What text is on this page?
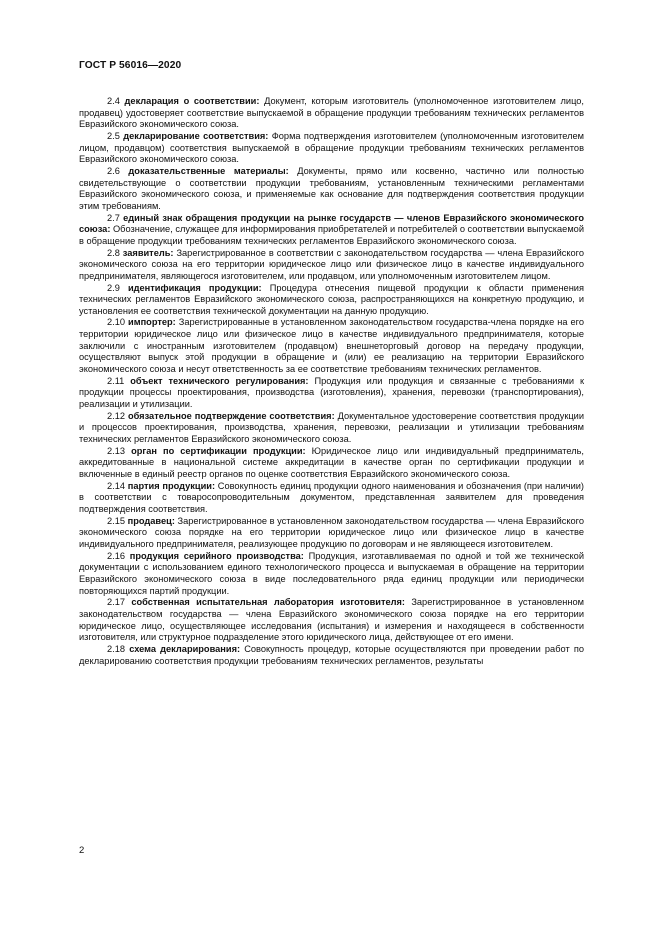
ГОСТ Р 56016—2020

2.4 декларация о соответствии: Документ, которым изготовитель (уполномоченное изготовителем лицо, продавец) удостоверяет соответствие выпускаемой в обращение продукции требованиям технических регламентов Евразийского экономического союза.

2.5 декларирование соответствия: Форма подтверждения изготовителем (уполномоченным изготовителем лицом, продавцом) соответствия выпускаемой в обращение продукции требованиям технических регламентов Евразийского экономического союза.

2.6 доказательственные материалы: Документы, прямо или косвенно, частично или полностью свидетельствующие о соответствии продукции требованиям, установленным техническими регламентами Евразийского экономического союза, и применяемые как основание для подтверждения соответствия продукции этим требованиям.

2.7 единый знак обращения продукции на рынке государств — членов Евразийского экономического союза: Обозначение, служащее для информирования приобретателей и потребителей о соответствии выпускаемой в обращение продукции требованиям технических регламентов Евразийского экономического союза.

2.8 заявитель: Зарегистрированное в соответствии с законодательством государства — члена Евразийского экономического союза на его территории юридическое лицо или физическое лицо в качестве индивидуального предпринимателя, являющегося изготовителем, или продавцом, или уполномоченным изготовителем лицом.

2.9 идентификация продукции: Процедура отнесения пищевой продукции к области применения технических регламентов Евразийского экономического союза, распространяющихся на конкретную продукцию, и установления ее соответствия технической документации на данную продукцию.

2.10 импортер: Зарегистрированные в установленном законодательством государства-члена порядке на его территории юридическое лицо или физическое лицо в качестве индивидуального предпринимателя, которые заключили с иностранным изготовителем (продавцом) внешнеторговый договор на передачу продукции, осуществляют выпуск этой продукции в обращение и (или) ее реализацию на территории Евразийского экономического союза и несут ответственность за ее соответствие требованиям технических регламентов.

2.11 объект технического регулирования: Продукция или продукция и связанные с требованиями к продукции процессы проектирования, производства (изготовления), хранения, перевозки (транспортирования), реализации и утилизации.

2.12 обязательное подтверждение соответствия: Документальное удостоверение соответствия продукции и процессов проектирования, производства, хранения, перевозки, реализации и утилизации требованиям технических регламентов Евразийского экономического союза.

2.13 орган по сертификации продукции: Юридическое лицо или индивидуальный предприниматель, аккредитованные в национальной системе аккредитации в качестве орган по сертификации продукции и включенные в единый реестр органов по оценке соответствия Евразийского экономического союза.

2.14 партия продукции: Совокупность единиц продукции одного наименования и обозначения (при наличии) в соответствии с товаросопроводительным документом, представленная заявителем для проведения подтверждения соответствия.

2.15 продавец: Зарегистрированное в установленном законодательством государства — члена Евразийского экономического союза порядке на его территории юридическое лицо или физическое лицо в качестве индивидуального предпринимателя, реализующее продукцию по договорам и не являющееся изготовителем.

2.16 продукция серийного производства: Продукция, изготавливаемая по одной и той же технической документации с использованием единого технологического процесса и выпускаемая в обращение на территории Евразийского экономического союза в виде последовательного ряда единиц продукции или периодически повторяющихся партий продукции.

2.17 собственная испытательная лаборатория изготовителя: Зарегистрированное в установленном законодательством государства — члена Евразийского экономического союза порядке на его территории юридическое лицо, осуществляющее исследования (испытания) и измерения и находящееся в собственности изготовителя, или структурное подразделение этого юридического лица, действующее от его имени.

2.18 схема декларирования: Совокупность процедур, которые осуществляются при проведении работ по декларированию соответствия продукции требованиям технических регламентов, результаты

2
